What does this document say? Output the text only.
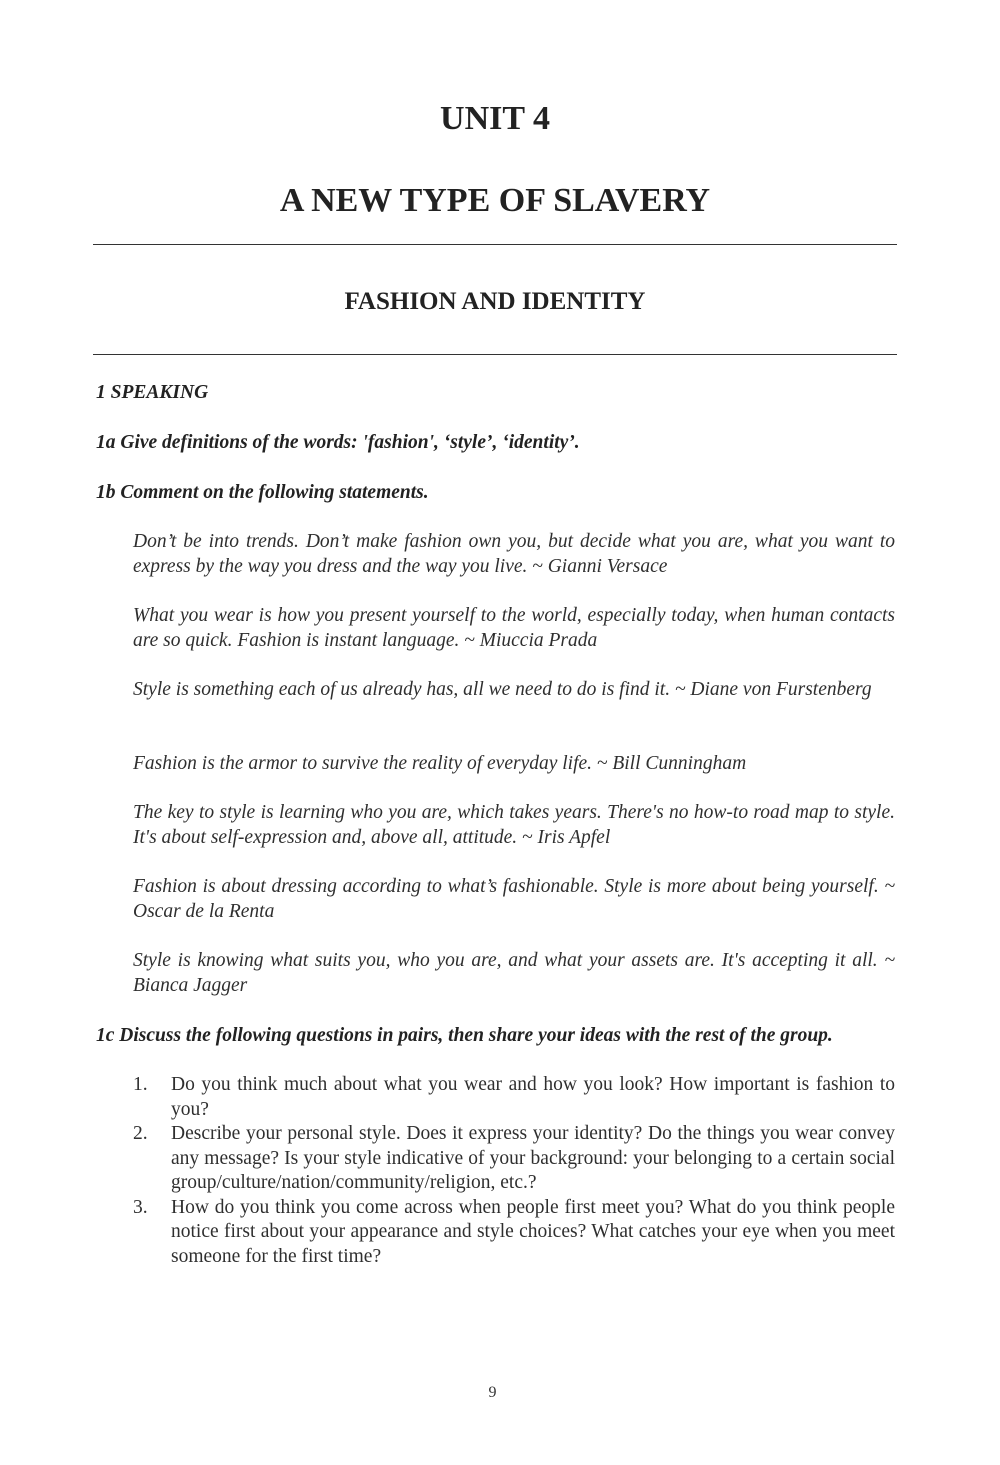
UNIT 4
A NEW TYPE OF SLAVERY
FASHION AND IDENTITY

1 SPEAKING

1a Give definitions of the words: 'fashion', ‘style’, ‘identity’.

1b Comment on the following statements.

Don’t be into trends. Don’t make fashion own you, but decide what you are, what you want to express by the way you dress and the way you live. ~ Gianni Versace

What you wear is how you present yourself to the world, especially today, when human contacts are so quick. Fashion is instant language. ~ Miuccia Prada

Style is something each of us already has, all we need to do is find it. ~ Diane von Furstenberg

Fashion is the armor to survive the reality of everyday life. ~ Bill Cunningham

The key to style is learning who you are, which takes years. There's no how-to road map to style. It's about self-expression and, above all, attitude. ~ Iris Apfel

Fashion is about dressing according to what’s fashionable. Style is more about being yourself. ~ Oscar de la Renta

Style is knowing what suits you, who you are, and what your assets are. It's accepting it all. ~ Bianca Jagger

1c Discuss the following questions in pairs, then share your ideas with the rest of the group.

1. Do you think much about what you wear and how you look? How important is fashion to you?
2. Describe your personal style. Does it express your identity? Do the things you wear convey any message? Is your style indicative of your background: your belonging to a certain social group/culture/nation/community/religion, etc.?
3. How do you think you come across when people first meet you? What do you think people notice first about your appearance and style choices? What catches your eye when you meet someone for the first time?
9
